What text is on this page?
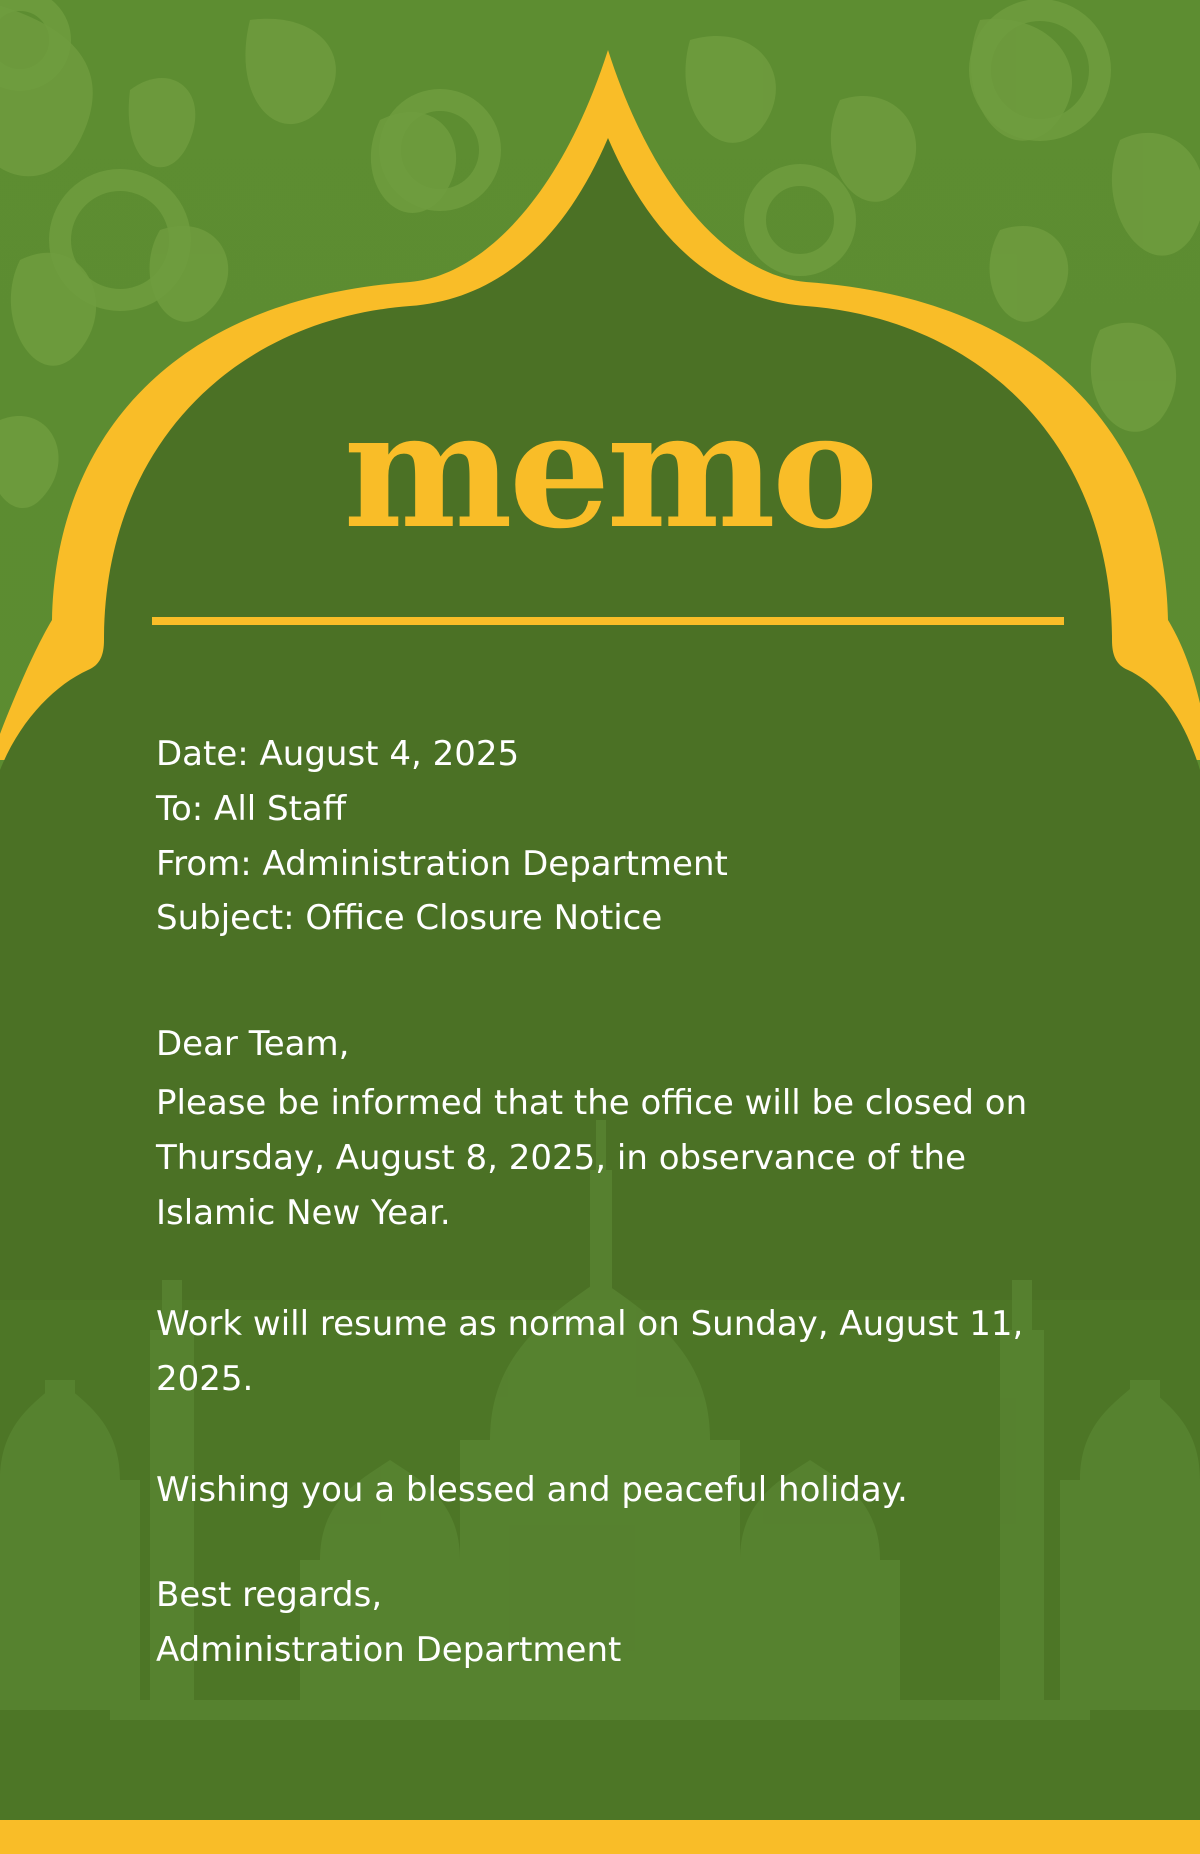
memo

Date: August 4, 2025

To: All Staff

From: Administration Department

Subject: Office Closure Notice

Dear Team,

Please be informed that the office will be closed on Thursday, August 8, 2025, in observance of the Islamic New Year.

Work will resume as normal on Sunday, August 11, 2025.

Wishing you a blessed and peaceful holiday.

Best regards,

Administration Department
